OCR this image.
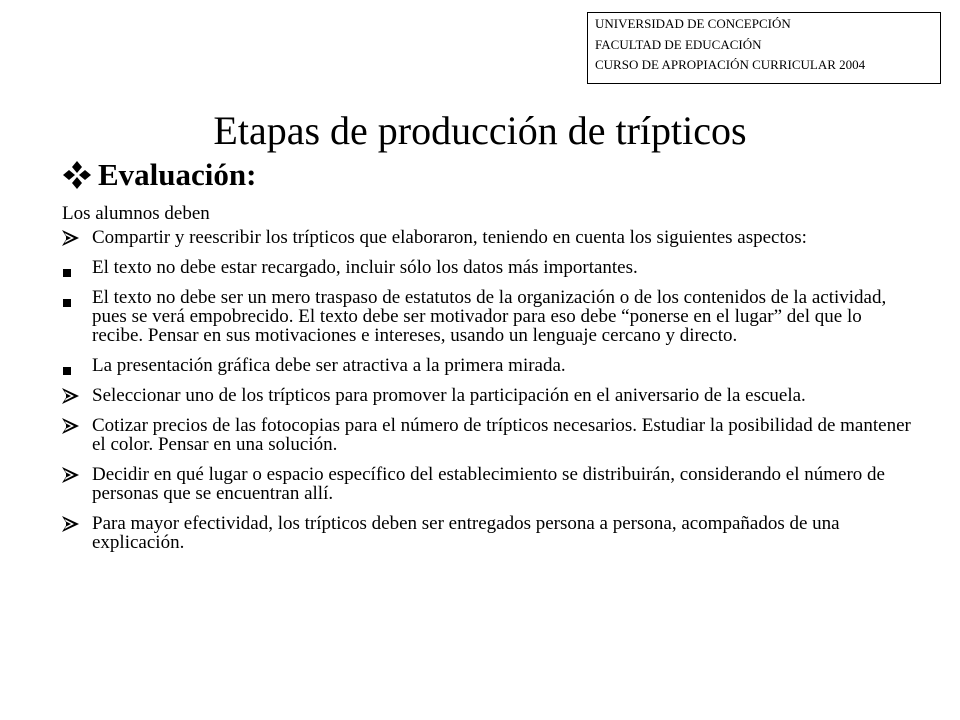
UNIVERSIDAD DE CONCEPCIÓN
FACULTAD DE EDUCACIÓN
CURSO DE APROPIACIÓN CURRICULAR 2004
Etapas de producción de trípticos
Evaluación:
Los alumnos deben
Compartir y reescribir los trípticos que elaboraron, teniendo en cuenta los siguientes aspectos:
El texto no debe estar recargado, incluir sólo los datos más importantes.
El texto no debe ser un mero traspaso de estatutos de la organización o de los contenidos de la actividad, pues se verá empobrecido. El texto debe ser motivador para eso debe “ponerse en el lugar” del que lo recibe. Pensar en sus motivaciones e intereses, usando un lenguaje cercano y directo.
La presentación gráfica debe ser atractiva a la primera mirada.
Seleccionar uno de los trípticos para promover la participación en el aniversario de la escuela.
Cotizar precios de las fotocopias para el número de trípticos necesarios. Estudiar la posibilidad de mantener el color. Pensar en una solución.
Decidir en qué lugar o espacio específico del establecimiento se distribuirán, considerando el número de personas que se encuentran allí.
Para mayor efectividad, los trípticos deben ser entregados persona a persona, acompañados de una explicación.
